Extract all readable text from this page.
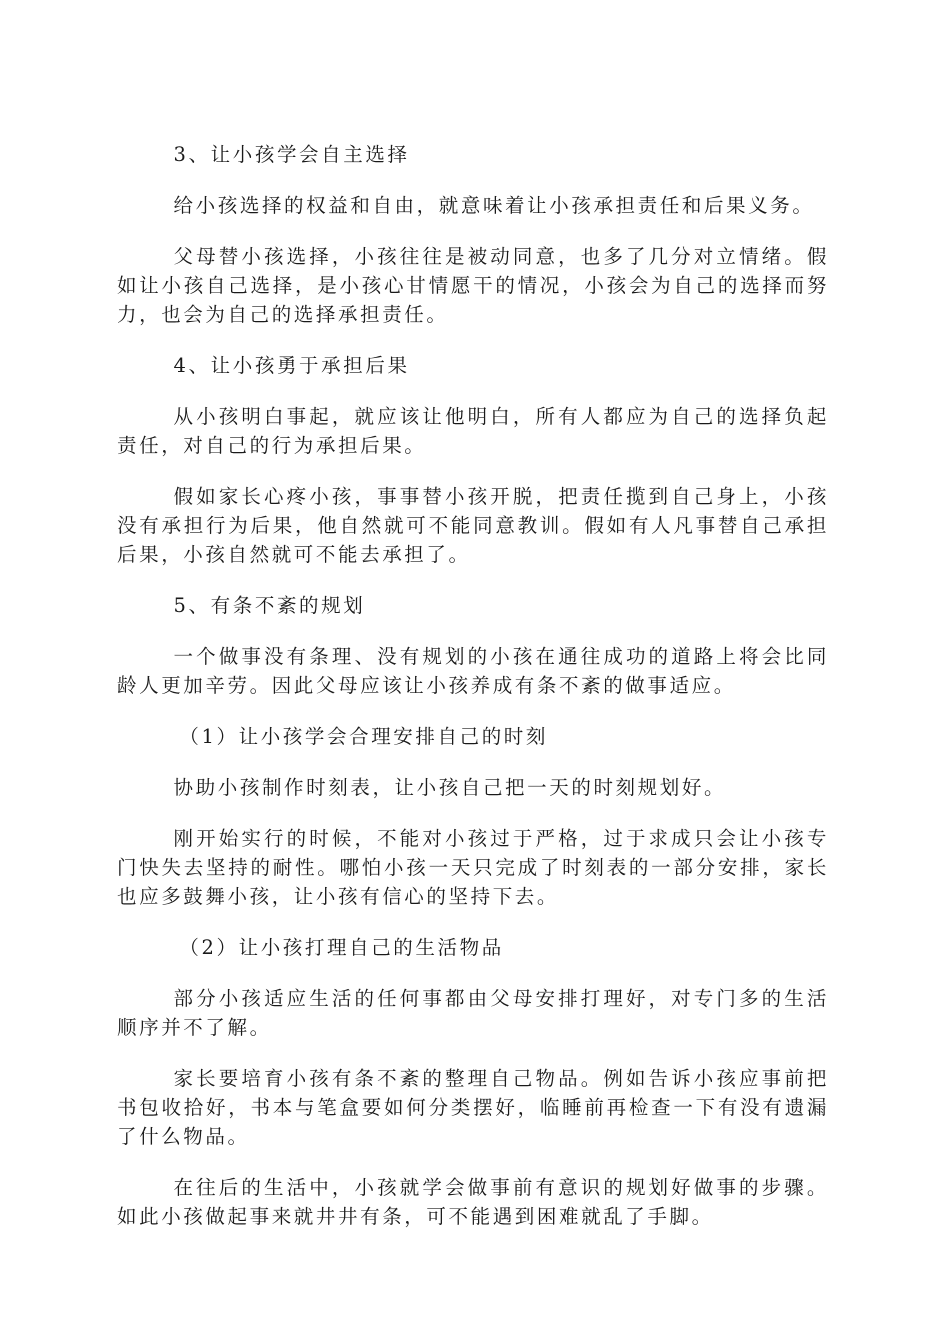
3、让小孩学会自主选择

给小孩选择的权益和自由，就意味着让小孩承担责任和后果义务。

父母替小孩选择，小孩往往是被动同意，也多了几分对立情绪。假如让小孩自己选择，是小孩心甘情愿干的情况，小孩会为自己的选择而努力，也会为自己的选择承担责任。

4、让小孩勇于承担后果

从小孩明白事起，就应该让他明白，所有人都应为自己的选择负起责任，对自己的行为承担后果。

假如家长心疼小孩，事事替小孩开脱，把责任揽到自己身上，小孩没有承担行为后果，他自然就可不能同意教训。假如有人凡事替自己承担后果，小孩自然就可不能去承担了。

5、有条不紊的规划

一个做事没有条理、没有规划的小孩在通往成功的道路上将会比同龄人更加辛劳。因此父母应该让小孩养成有条不紊的做事适应。

（1）让小孩学会合理安排自己的时刻

协助小孩制作时刻表，让小孩自己把一天的时刻规划好。

刚开始实行的时候，不能对小孩过于严格，过于求成只会让小孩专门快失去坚持的耐性。哪怕小孩一天只完成了时刻表的一部分安排，家长也应多鼓舞小孩，让小孩有信心的坚持下去。

（2）让小孩打理自己的生活物品

部分小孩适应生活的任何事都由父母安排打理好，对专门多的生活顺序并不了解。

家长要培育小孩有条不紊的整理自己物品。例如告诉小孩应事前把书包收拾好，书本与笔盒要如何分类摆好，临睡前再检查一下有没有遗漏了什么物品。

在往后的生活中，小孩就学会做事前有意识的规划好做事的步骤。如此小孩做起事来就井井有条，可不能遇到困难就乱了手脚。
